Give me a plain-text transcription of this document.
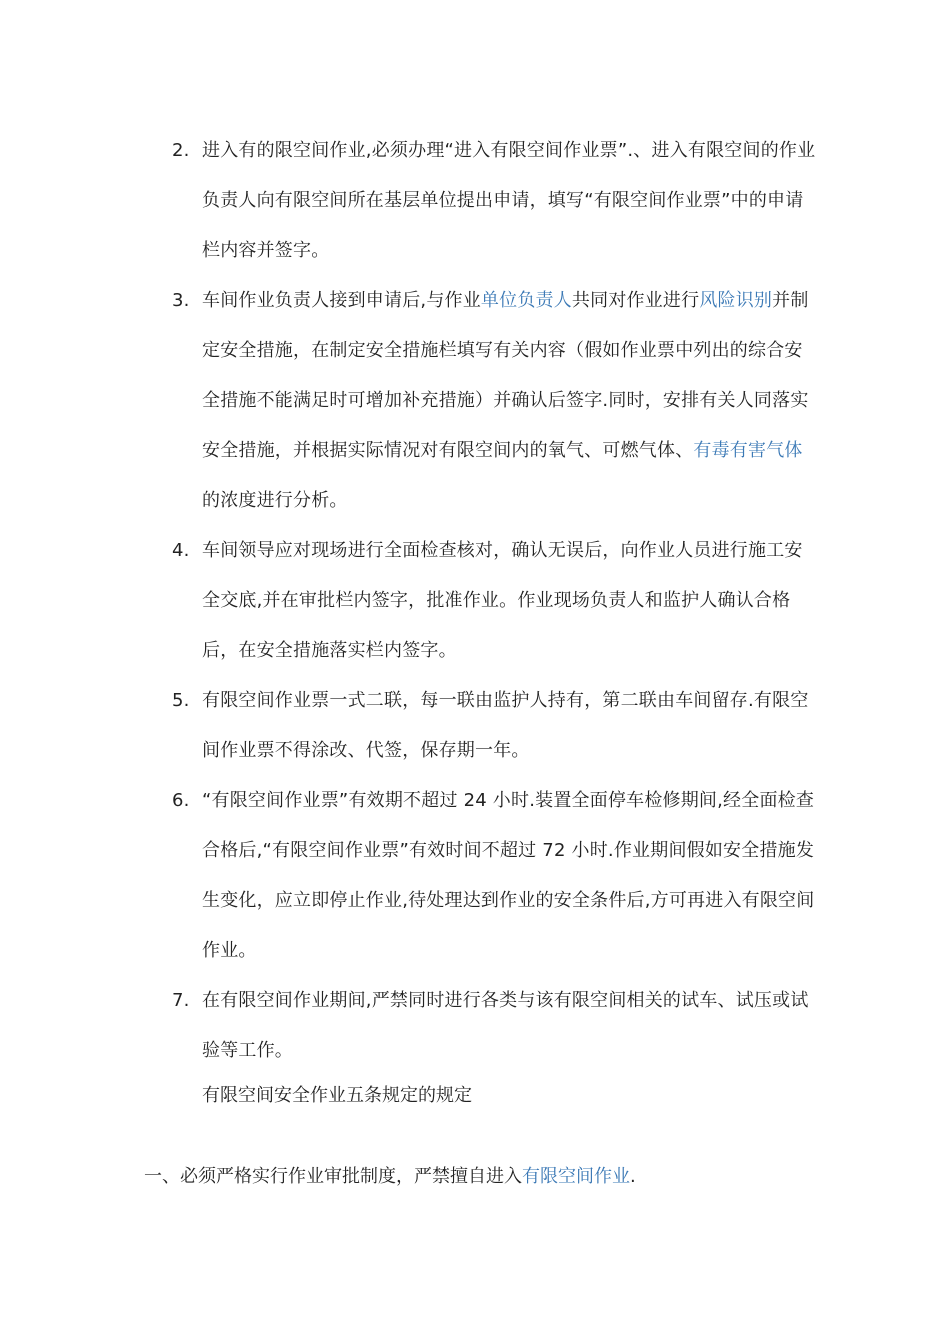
2. 进入有的限空间作业,必须办理“进入有限空间作业票”.、进入有限空间的作业负责人向有限空间所在基层单位提出申请，填写“有限空间作业票”中的申请栏内容并签字。
3. 车间作业负责人接到申请后,与作业单位负责人共同对作业进行风险识别并制定安全措施，在制定安全措施栏填写有关内容（假如作业票中列出的综合安全措施不能满足时可增加补充措施）并确认后签字.同时，安排有关人同落实安全措施，并根据实际情况对有限空间内的氧气、可燃气体、有毒有害气体的浓度进行分析。
4. 车间领导应对现场进行全面检查核对，确认无误后，向作业人员进行施工安全交底,并在审批栏内签字，批准作业。作业现场负责人和监护人确认合格后，在安全措施落实栏内签字。
5. 有限空间作业票一式二联，每一联由监护人持有，第二联由车间留存.有限空间作业票不得涂改、代签，保存期一年。
6. “有限空间作业票”有效期不超过 24 小时.装置全面停车检修期间,经全面检查合格后,“有限空间作业票”有效时间不超过 72 小时.作业期间假如安全措施发生变化，应立即停止作业,待处理达到作业的安全条件后,方可再进入有限空间作业。
7. 在有限空间作业期间,严禁同时进行各类与该有限空间相关的试车、试压或试验等工作。
有限空间安全作业五条规定的规定
一、必须严格实行作业审批制度，严禁擅自进入有限空间作业.
